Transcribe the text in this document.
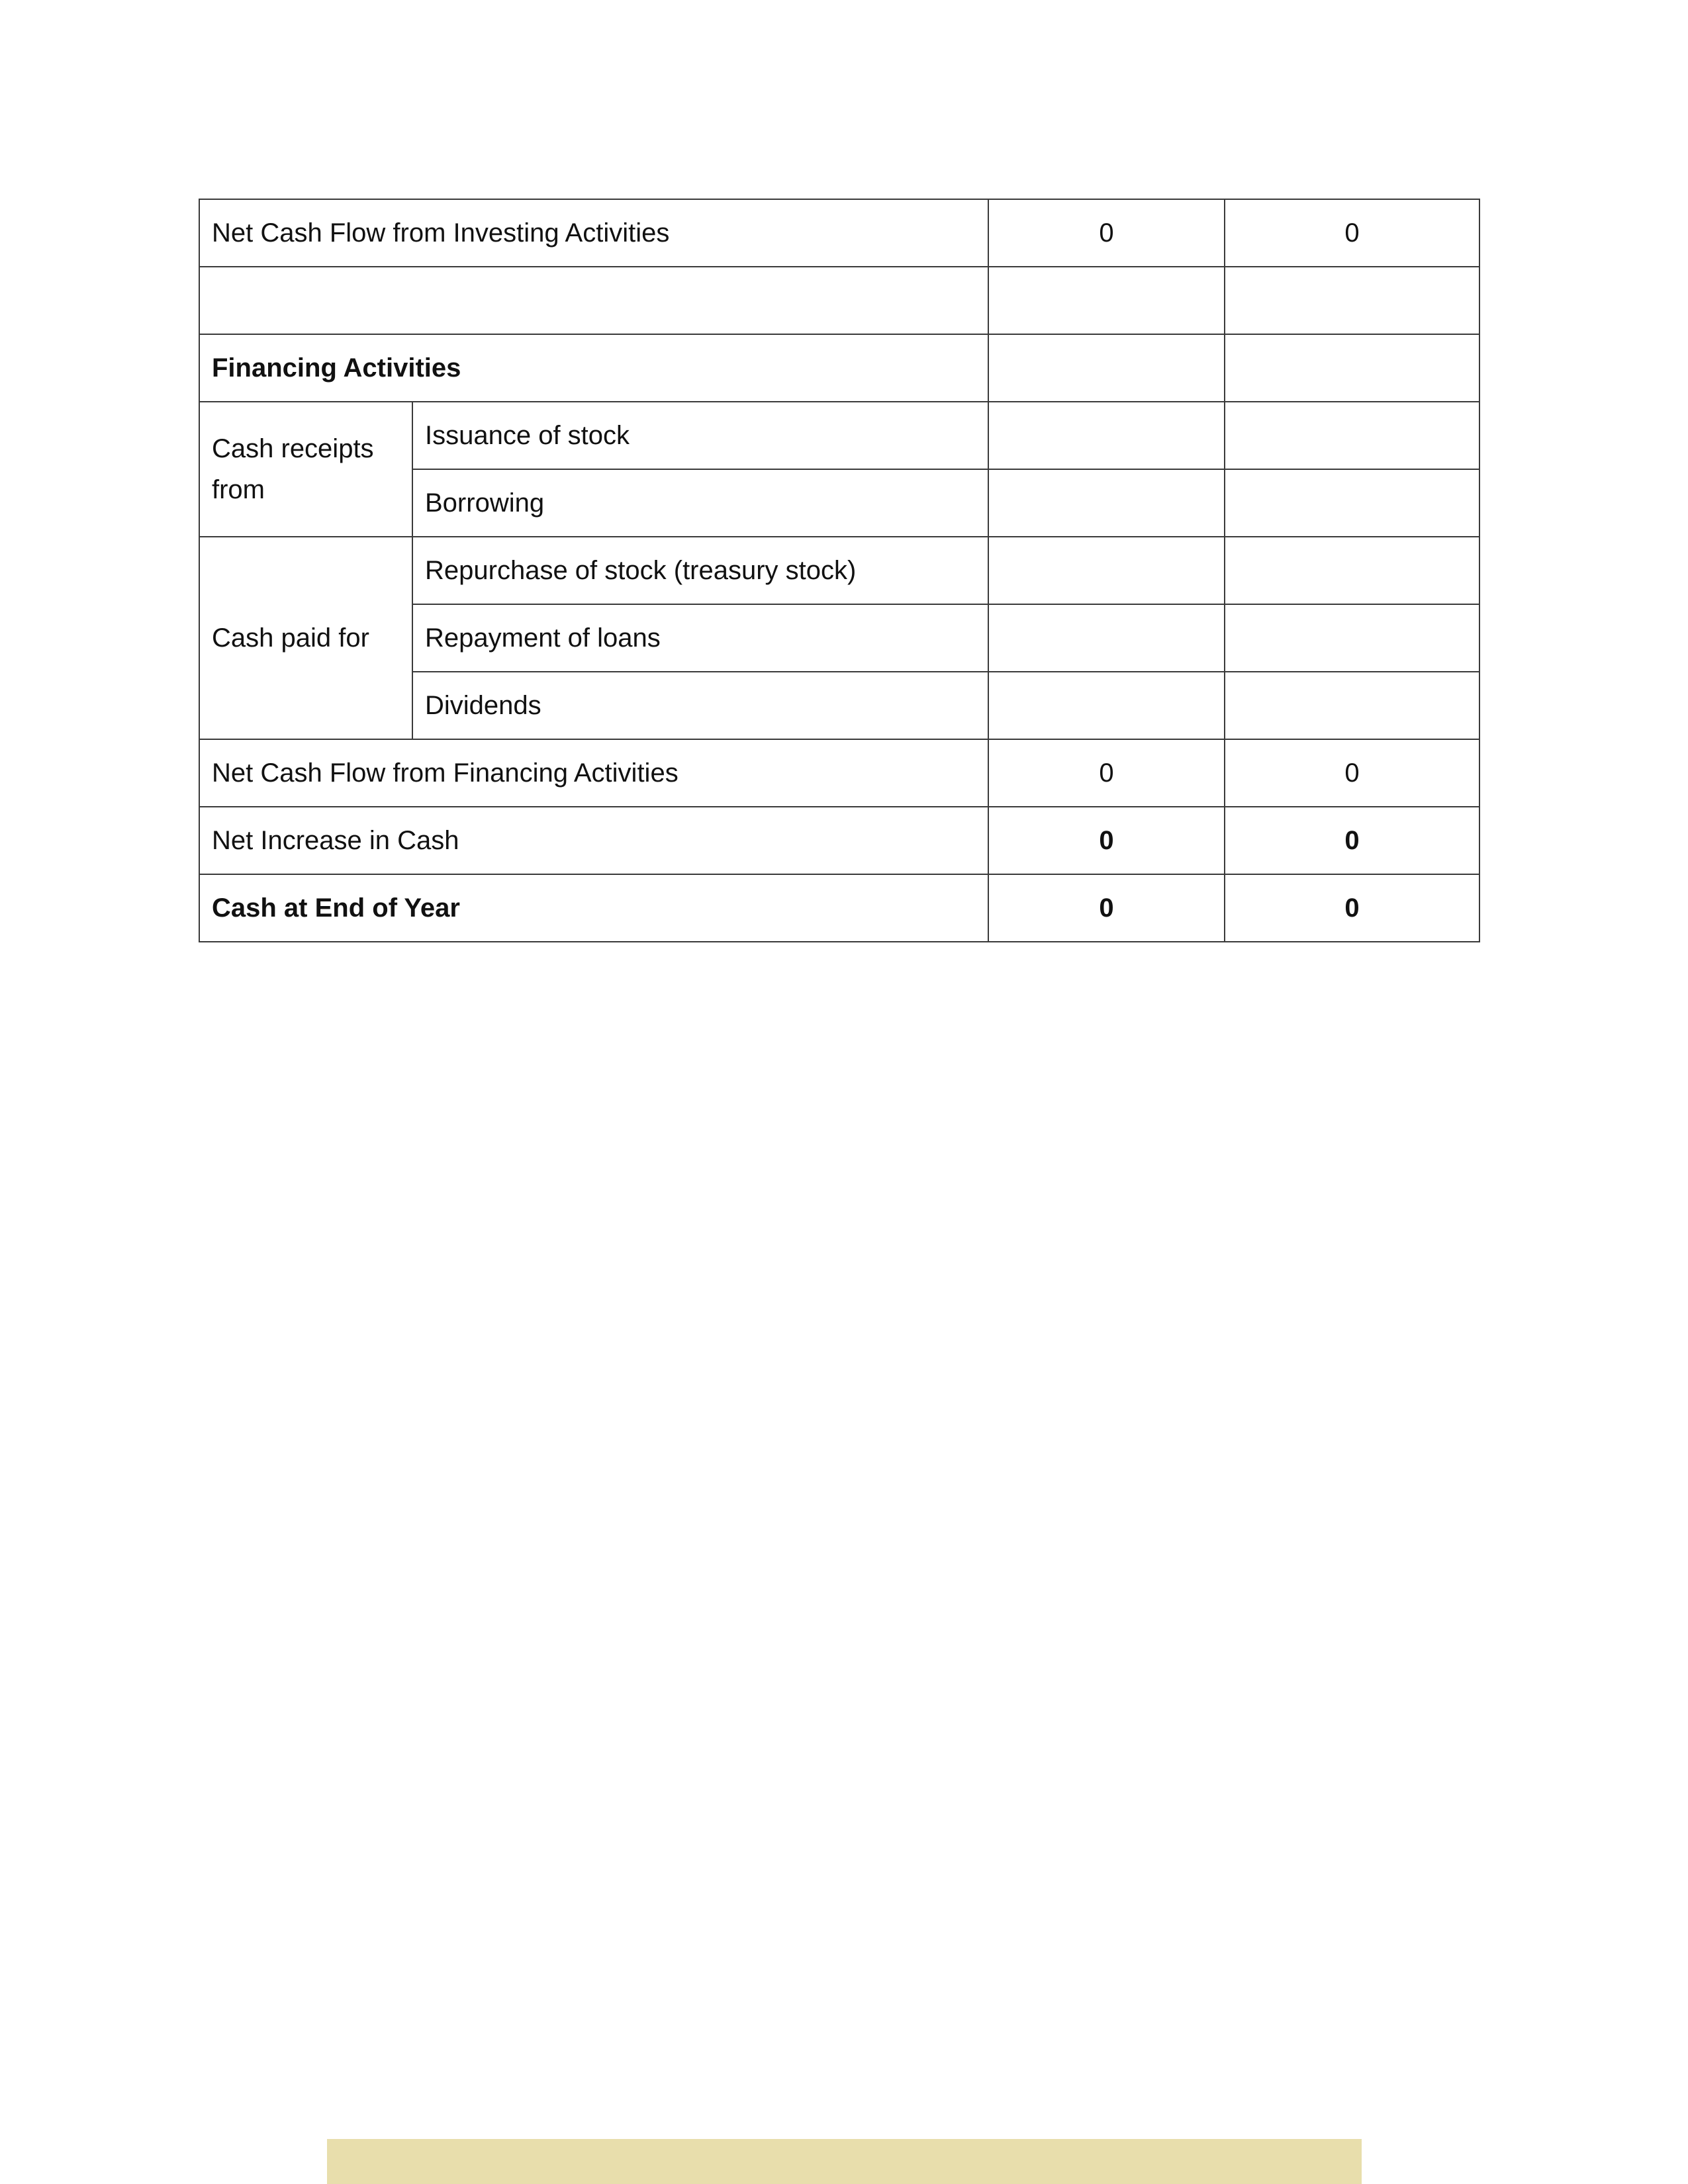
Net Cash Flow from Investing Activities		0	0

Financing Activities			
Cash receipts from	Issuance of stock		
	Borrowing		
Cash paid for	Repurchase of stock (treasury stock)		
	Repayment of loans		
	Dividends		
Net Cash Flow from Financing Activities		0	0
Net Increase in Cash		0	0
Cash at End of Year		0	0
